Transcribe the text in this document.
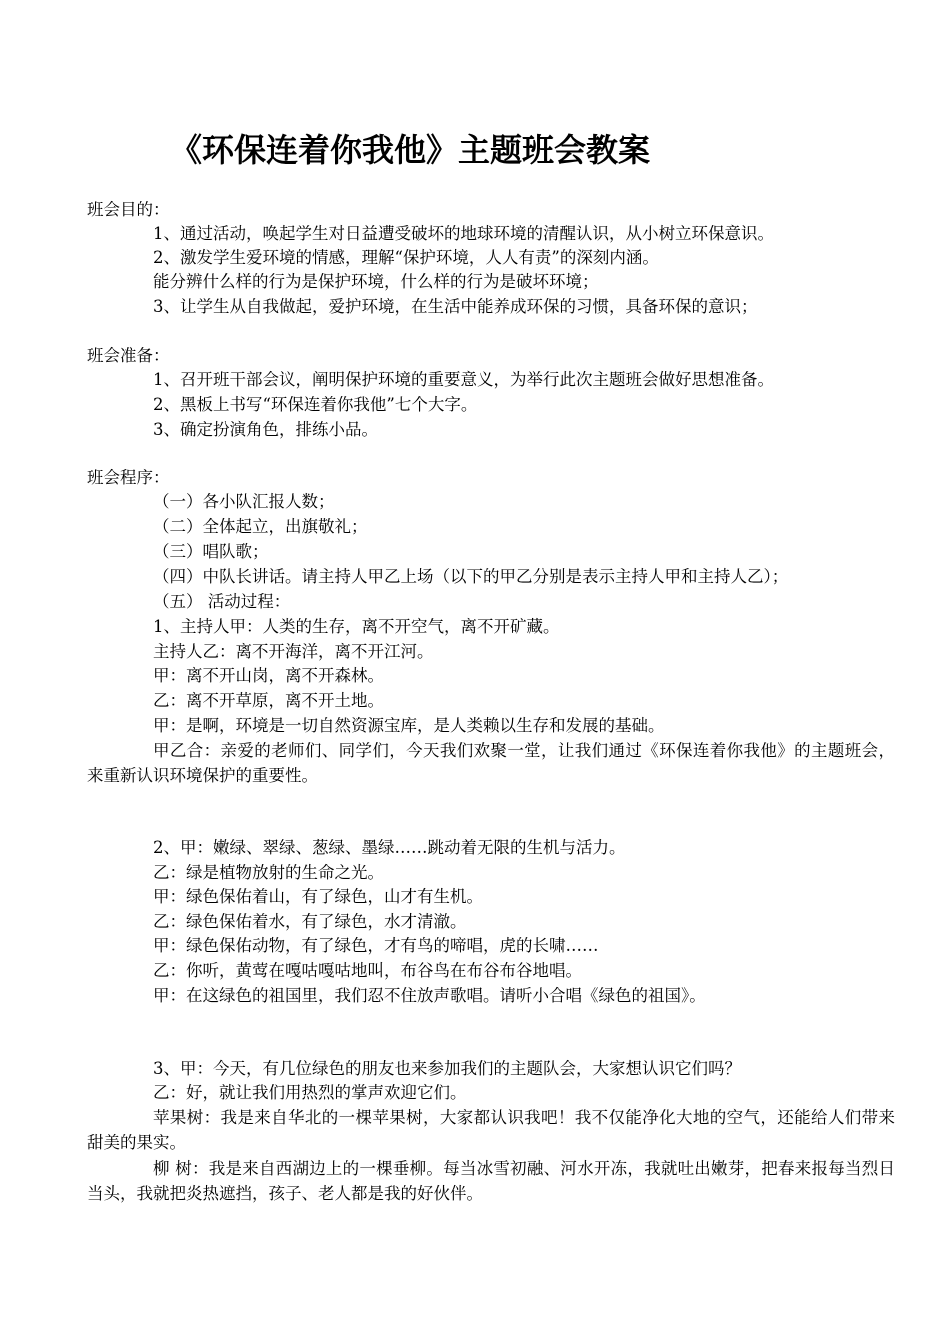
《环保连着你我他》主题班会教案
班会目的：
1、通过活动，唤起学生对日益遭受破坏的地球环境的清醒认识，从小树立环保意识。
2、激发学生爱环境的情感，理解“保护环境，人人有责”的深刻内涵。
能分辨什么样的行为是保护环境，什么样的行为是破坏环境；
3、让学生从自我做起，爱护环境，在生活中能养成环保的习惯，具备环保的意识；
班会准备：
1、召开班干部会议，阐明保护环境的重要意义，为举行此次主题班会做好思想准备。
2、黑板上书写“环保连着你我他”七个大字。
3、确定扮演角色，排练小品。
班会程序：
（一）各小队汇报人数；
（二）全体起立，出旗敬礼；
（三）唱队歌；
（四）中队长讲话。请主持人甲乙上场（以下的甲乙分别是表示主持人甲和主持人乙）；
（五） 活动过程：
1、主持人甲：人类的生存，离不开空气，离不开矿藏。
主持人乙：离不开海洋，离不开江河。
甲：离不开山岗，离不开森林。
乙：离不开草原，离不开土地。
甲：是啊，环境是一切自然资源宝库，是人类赖以生存和发展的基础。
甲乙合：亲爱的老师们、同学们，今天我们欢聚一堂，让我们通过《环保连着你我他》的主题班会，来重新认识环境保护的重要性。
2、甲：嫩绿、翠绿、葱绿、墨绿……跳动着无限的生机与活力。
乙：绿是植物放射的生命之光。
甲：绿色保佑着山，有了绿色，山才有生机。
乙：绿色保佑着水，有了绿色，水才清澈。
甲：绿色保佑动物，有了绿色，才有鸟的啼唱，虎的长啸……
乙：你听，黄莺在嘎咕嘎咕地叫，布谷鸟在布谷布谷地唱。
甲：在这绿色的祖国里，我们忍不住放声歌唱。请听小合唱《绿色的祖国》。
3、甲：今天，有几位绿色的朋友也来参加我们的主题队会，大家想认识它们吗？
乙：好，就让我们用热烈的掌声欢迎它们。
苹果树：我是来自华北的一棵苹果树，大家都认识我吧！我不仅能净化大地的空气，还能给人们带来甜美的果实。
柳 树：我是来自西湖边上的一棵垂柳。每当冰雪初融、河水开冻，我就吐出嫩芽，把春来报每当烈日当头，我就把炎热遮挡，孩子、老人都是我的好伙伴。
